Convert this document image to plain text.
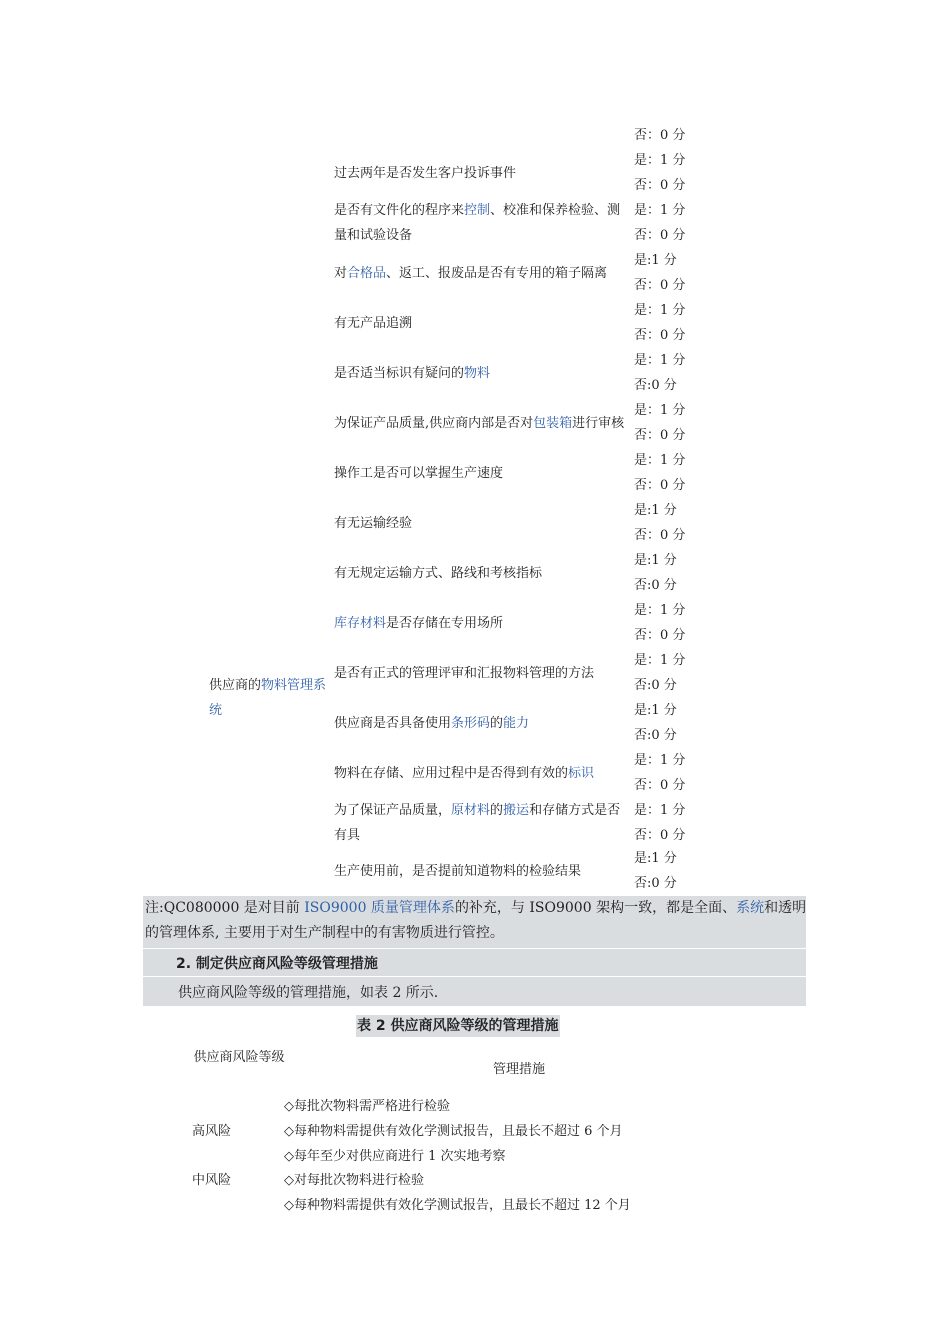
否：0 分
供应商的物料管理系统
过去两年是否发生客户投诉事件
是：1 分
否：0 分
是否有文件化的程序来控制、校准和保养检验、测量和试验设备
是：1 分
否：0 分
对合格品、返工、报废品是否有专用的箱子隔离
是:1 分
否：0 分
有无产品追溯
是：1 分
否：0 分
是否适当标识有疑问的物料
是：1 分
否:0 分
为保证产品质量,供应商内部是否对包装箱进行审核
是：1 分
否：0 分
操作工是否可以掌握生产速度
是：1 分
否：0 分
有无运输经验
是:1 分
否：0 分
有无规定运输方式、路线和考核指标
是:1 分
否:0 分
库存材料是否存储在专用场所
是：1 分
否：0 分
是否有正式的管理评审和汇报物料管理的方法
是：1 分
否:0 分
供应商是否具备使用条形码的能力
是:1 分
否:0 分
物料在存储、应用过程中是否得到有效的标识
是：1 分
否：0 分
为了保证产品质量，原材料的搬运和存储方式是否有具
是：1 分
否：0 分
生产使用前，是否提前知道物料的检验结果
是:1 分
否:0 分
注:QC080000 是对目前 ISO9000 质量管理体系的补充，与 ISO9000 架构一致，都是全面、系统和透明的管理体系, 主要用于对生产制程中的有害物质进行管控。
2. 制定供应商风险等级管理措施
供应商风险等级的管理措施，如表 2 所示.
表 2 供应商风险等级的管理措施
供应商风险等级
管理措施
高风险
◇每批次物料需严格进行检验
◇每种物料需提供有效化学测试报告，且最长不超过 6 个月
◇每年至少对供应商进行 1 次实地考察
中风险	◇对每批次物料进行检验
◇每种物料需提供有效化学测试报告，且最长不超过 12 个月
